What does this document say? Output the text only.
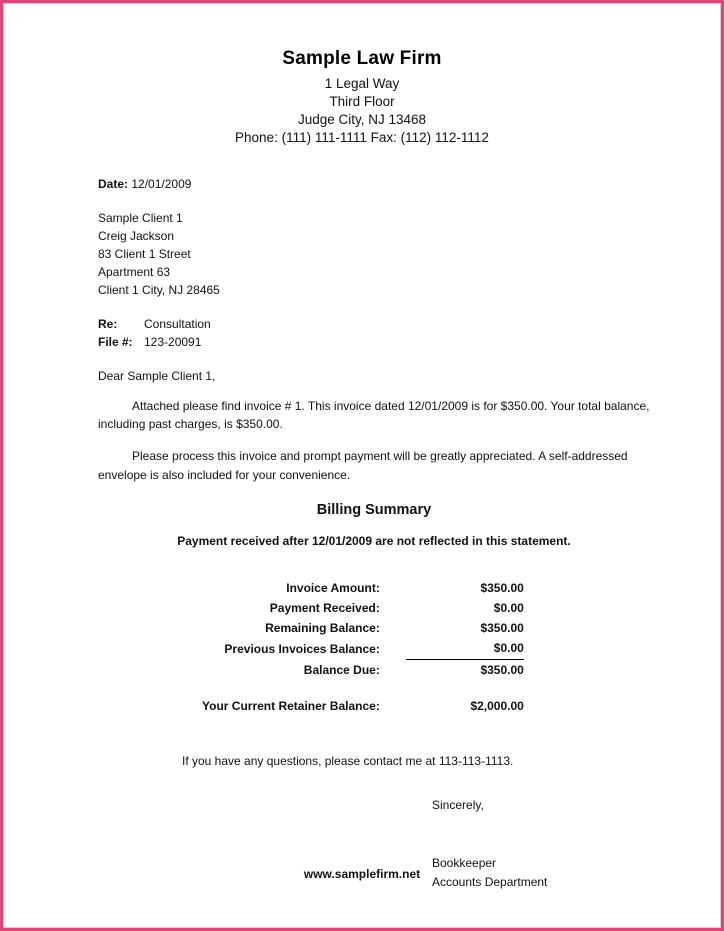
Sample Law Firm
1 Legal Way
Third Floor
Judge City, NJ 13468
Phone: (111) 111-1111 Fax: (112) 112-1112
Date: 12/01/2009
Sample Client 1
Creig Jackson
83 Client 1 Street
Apartment 63
Client 1 City, NJ 28465
Re: Consultation
File #: 123-20091
Dear Sample Client 1,
Attached please find invoice # 1. This invoice dated 12/01/2009 is for $350.00. Your total balance, including past charges, is $350.00.
Please process this invoice and prompt payment will be greatly appreciated. A self-addressed envelope is also included for your convenience.
Billing Summary
Payment received after 12/01/2009 are not reflected in this statement.
Invoice Amount:	$350.00
Payment Received:	$0.00
Remaining Balance:	$350.00
Previous Invoices Balance:	$0.00
Balance Due:	$350.00

Your Current Retainer Balance:	$2,000.00
If you have any questions, please contact me at 113-113-1113.
Sincerely,
Bookkeeper
Accounts Department
www.samplefirm.net
